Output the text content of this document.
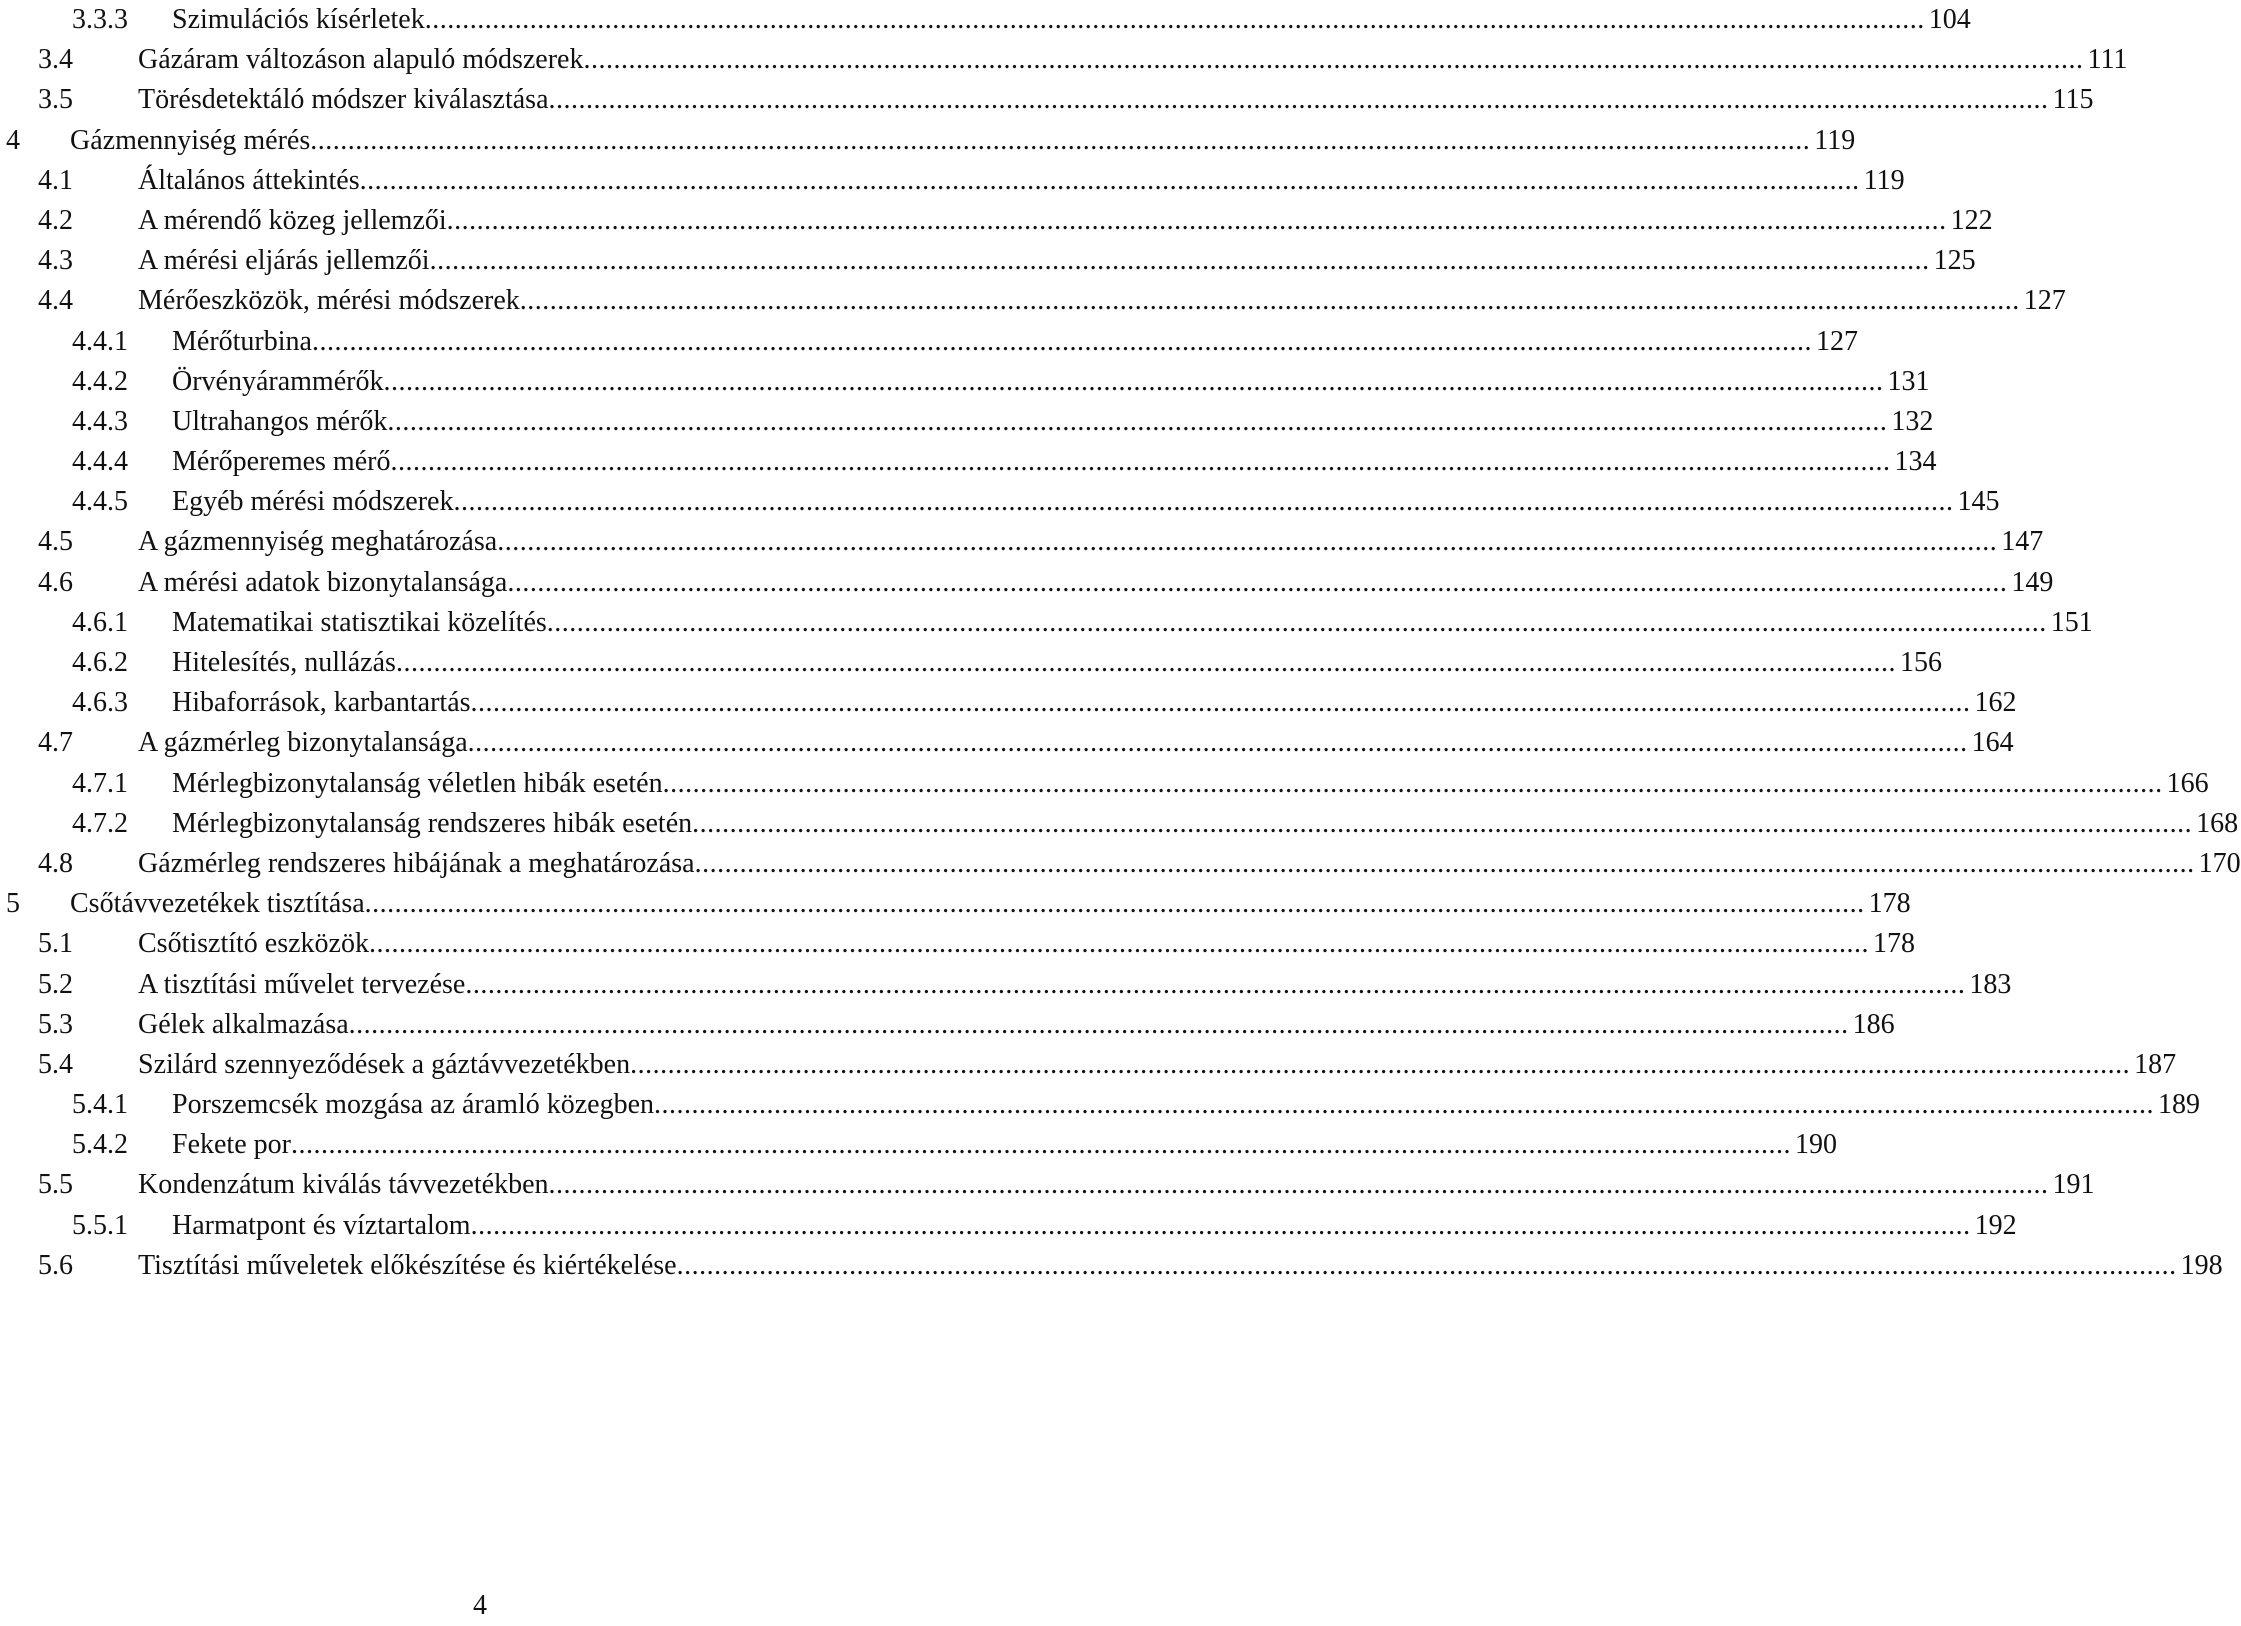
3.3.3 Szimulációs kísérletek ........................................................................................................................................................................................................ 104
3.4 Gázáram változáson alapuló módszerek ........................................................................................................................................................................................................ 111
3.5 Törésdetektáló módszer kiválasztása ........................................................................................................................................................................................................ 115
4 Gázmennyiség mérés ........................................................................................................................................................................................................ 119
4.1 Általános áttekintés ........................................................................................................................................................................................................ 119
4.2 A mérendő közeg jellemzői ........................................................................................................................................................................................................ 122
4.3 A mérési eljárás jellemzői ........................................................................................................................................................................................................ 125
4.4 Mérőeszközök, mérési módszerek ........................................................................................................................................................................................................ 127
4.4.1 Mérőturbina ........................................................................................................................................................................................................ 127
4.4.2 Örvényárammérők ........................................................................................................................................................................................................ 131
4.4.3 Ultrahangos mérők ........................................................................................................................................................................................................ 132
4.4.4 Mérőperemes mérő ........................................................................................................................................................................................................ 134
4.4.5 Egyéb mérési módszerek ........................................................................................................................................................................................................ 145
4.5 A gázmennyiség meghatározása ........................................................................................................................................................................................................ 147
4.6 A mérési adatok bizonytalansága ........................................................................................................................................................................................................ 149
4.6.1 Matematikai statisztikai közelítés ........................................................................................................................................................................................................ 151
4.6.2 Hitelesítés, nullázás ........................................................................................................................................................................................................ 156
4.6.3 Hibaforrások, karbantartás ........................................................................................................................................................................................................ 162
4.7 A gázmérleg bizonytalansága ........................................................................................................................................................................................................ 164
4.7.1 Mérlegbizonytalanság véletlen hibák esetén ........................................................................................................................................................................................................ 166
4.7.2 Mérlegbizonytalanság rendszeres hibák esetén ........................................................................................................................................................................................................ 168
4.8 Gázmérleg rendszeres hibájának a meghatározása ........................................................................................................................................................................................................ 170
5 Csőtávvezetékek tisztítása ........................................................................................................................................................................................................ 178
5.1 Csőtisztító eszközök ........................................................................................................................................................................................................ 178
5.2 A tisztítási művelet tervezése ........................................................................................................................................................................................................ 183
5.3 Gélek alkalmazása ........................................................................................................................................................................................................ 186
5.4 Szilárd szennyeződések a gáztávvezetékben ........................................................................................................................................................................................................ 187
5.4.1 Porszemcsék mozgása az áramló közegben ........................................................................................................................................................................................................ 189
5.4.2 Fekete por ........................................................................................................................................................................................................ 190
5.5 Kondenzátum kiválás távvezetékben ........................................................................................................................................................................................................ 191
5.5.1 Harmatpont és víztartalom ........................................................................................................................................................................................................ 192
5.6 Tisztítási műveletek előkészítése és kiértékelése ........................................................................................................................................................................................................ 198
4
